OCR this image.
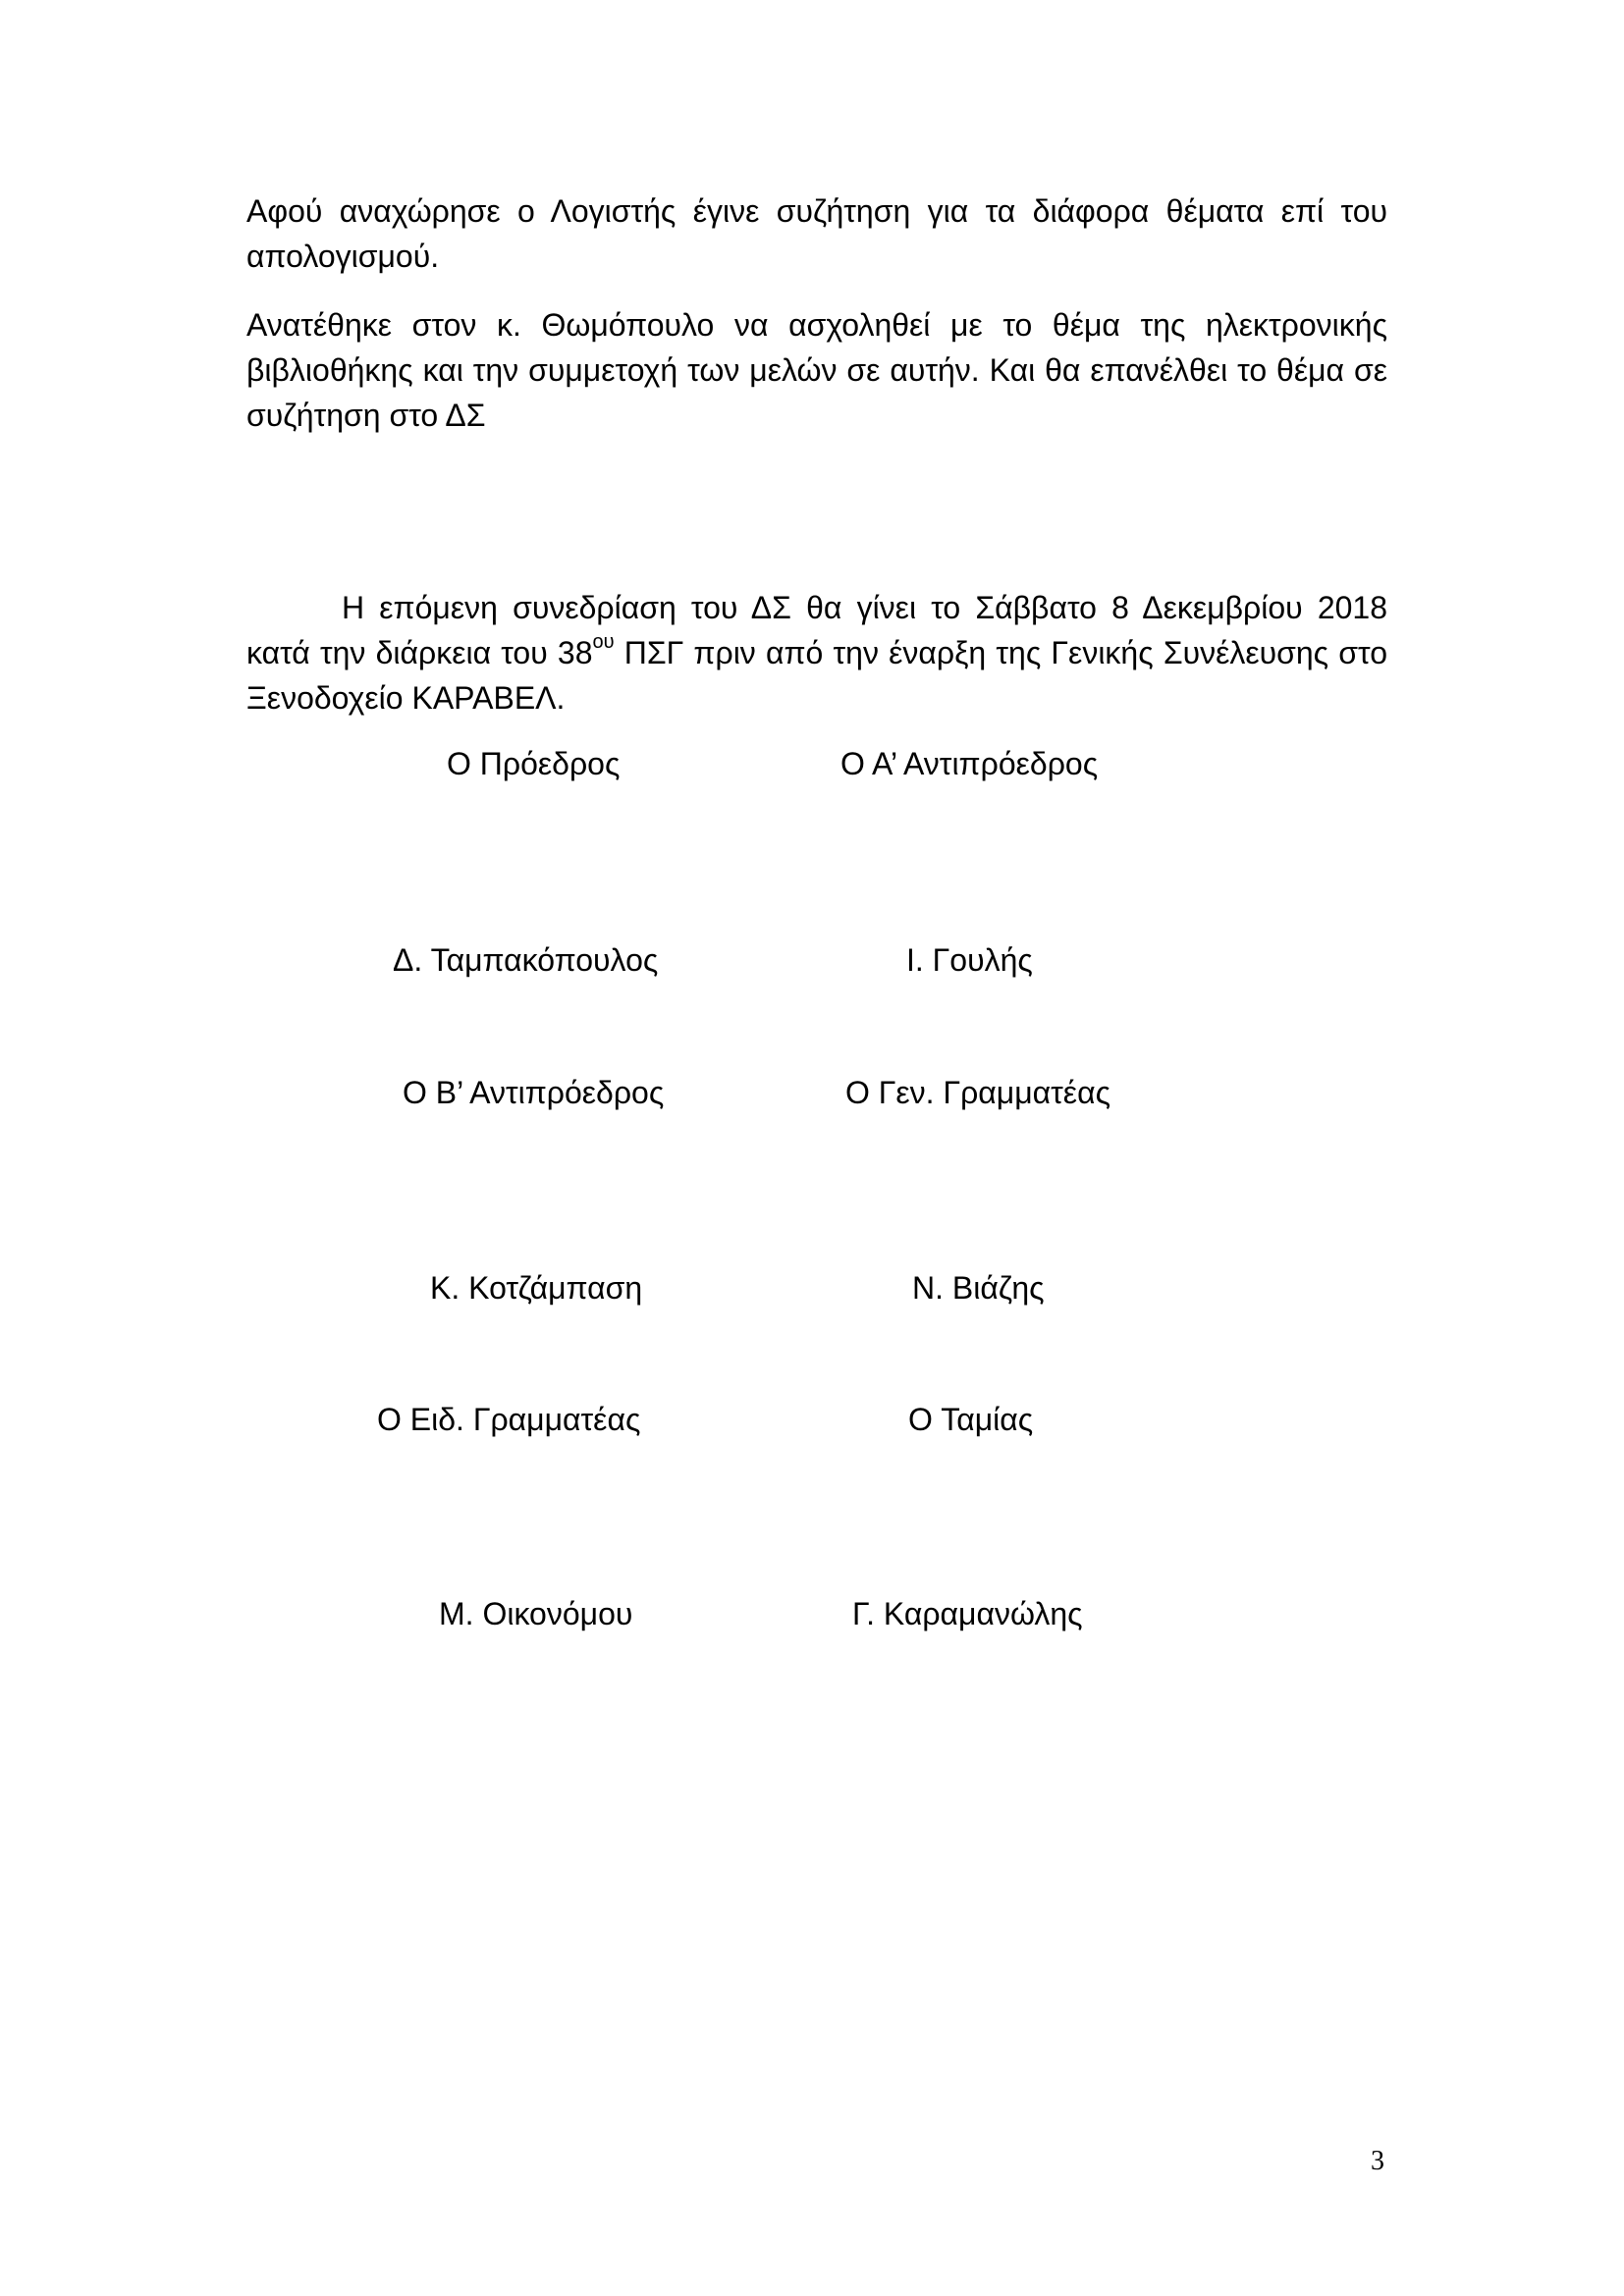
Αφού αναχώρησε ο Λογιστής έγινε συζήτηση για τα διάφορα θέματα επί του απολογισμού.

Ανατέθηκε στον κ. Θωμόπουλο να ασχοληθεί με το θέμα της ηλεκτρονικής βιβλιοθήκης και την συμμετοχή των μελών σε αυτήν. Και θα επανέλθει το θέμα σε συζήτηση στο ΔΣ

Η επόμενη συνεδρίαση του ΔΣ θα γίνει το Σάββατο 8 Δεκεμβρίου 2018 κατά την διάρκεια του $38^{o\upsilon}$ ΠΣΓ πριν από την έναρξη της Γενικής Συνέλευσης στο Ξενοδοχείο ΚΑΡΑΒΕΛ.

Ο Πρόεδρος

Δ. Ταμπακόπουλος

Ο Β’ Αντιπρόεδρος

Κ. Κοτζάμπαση

Ο Ειδ. Γραμματέας

Μ. Οικονόμου

Ο Α’ Αντιπρόεδρος

Ι. Γουλής

Ο Γεν. Γραμματέας

Ν. Βιάζης

Ο Ταμίας

Γ. Καραμανώλης

3
